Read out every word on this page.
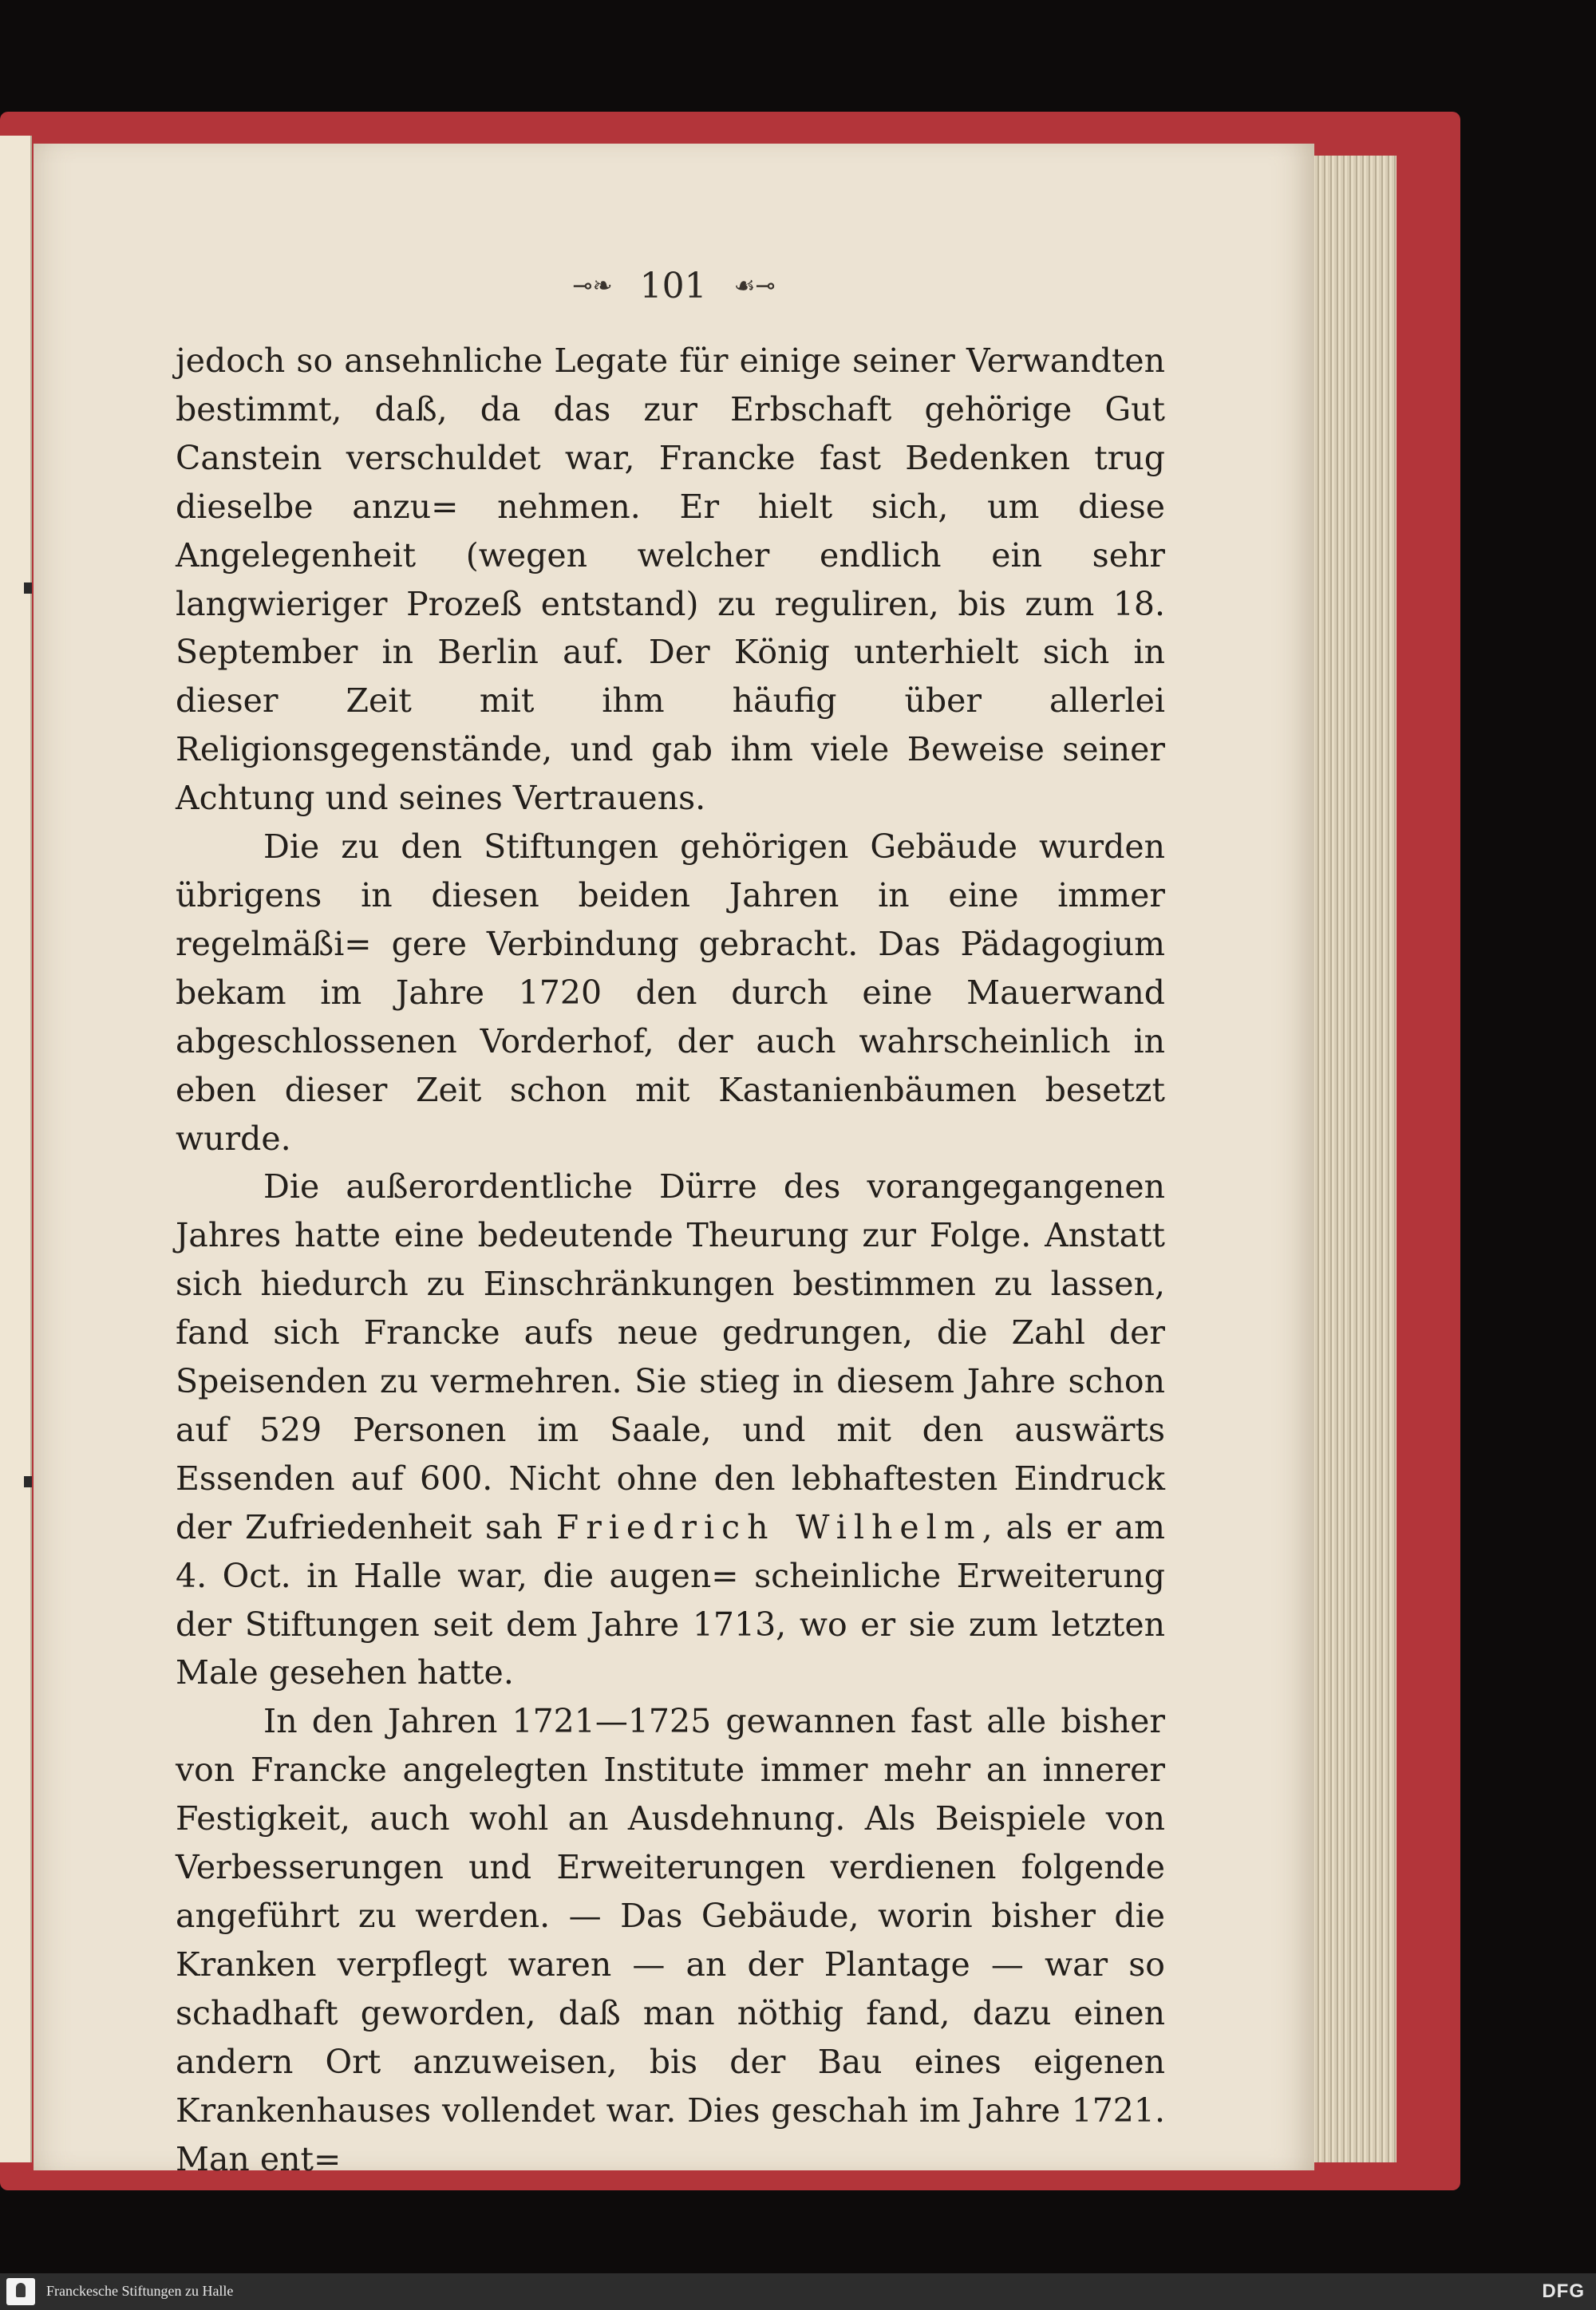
⊸❧ 101 ☙⊸

jedoch so ansehnliche Legate für einige seiner Verwandten bestimmt, daß, da das zur Erbschaft gehörige Gut Canstein verschuldet war, Francke fast Bedenken trug dieselbe anzu= nehmen. Er hielt sich, um diese Angelegenheit (wegen welcher endlich ein sehr langwieriger Prozeß entstand) zu reguliren, bis zum 18. September in Berlin auf. Der König unterhielt sich in dieser Zeit mit ihm häufig über allerlei Religionsgegenstände, und gab ihm viele Beweise seiner Achtung und seines Vertrauens.

Die zu den Stiftungen gehörigen Gebäude wurden übrigens in diesen beiden Jahren in eine immer regelmäßi= gere Verbindung gebracht. Das Pädagogium bekam im Jahre 1720 den durch eine Mauerwand abgeschlossenen Vorderhof, der auch wahrscheinlich in eben dieser Zeit schon mit Kastanienbäumen besetzt wurde.

Die außerordentliche Dürre des vorangegangenen Jahres hatte eine bedeutende Theurung zur Folge. Anstatt sich hiedurch zu Einschränkungen bestimmen zu lassen, fand sich Francke aufs neue gedrungen, die Zahl der Speisenden zu vermehren. Sie stieg in diesem Jahre schon auf 529 Personen im Saale, und mit den auswärts Essenden auf 600. Nicht ohne den lebhaftesten Eindruck der Zufriedenheit sah Friedrich Wilhelm, als er am 4. Oct. in Halle war, die augen= scheinliche Erweiterung der Stiftungen seit dem Jahre 1713, wo er sie zum letzten Male gesehen hatte.

In den Jahren 1721—1725 gewannen fast alle bisher von Francke angelegten Institute immer mehr an innerer Festigkeit, auch wohl an Ausdehnung. Als Beispiele von Verbesserungen und Erweiterungen verdienen folgende angeführt zu werden. — Das Gebäude, worin bisher die Kranken verpflegt waren — an der Plantage — war so schadhaft geworden, daß man nöthig fand, dazu einen andern Ort anzuweisen, bis der Bau eines eigenen Krankenhauses vollendet war. Dies geschah im Jahre 1721. Man ent=

Franckesche Stiftungen zu Halle	DFG
